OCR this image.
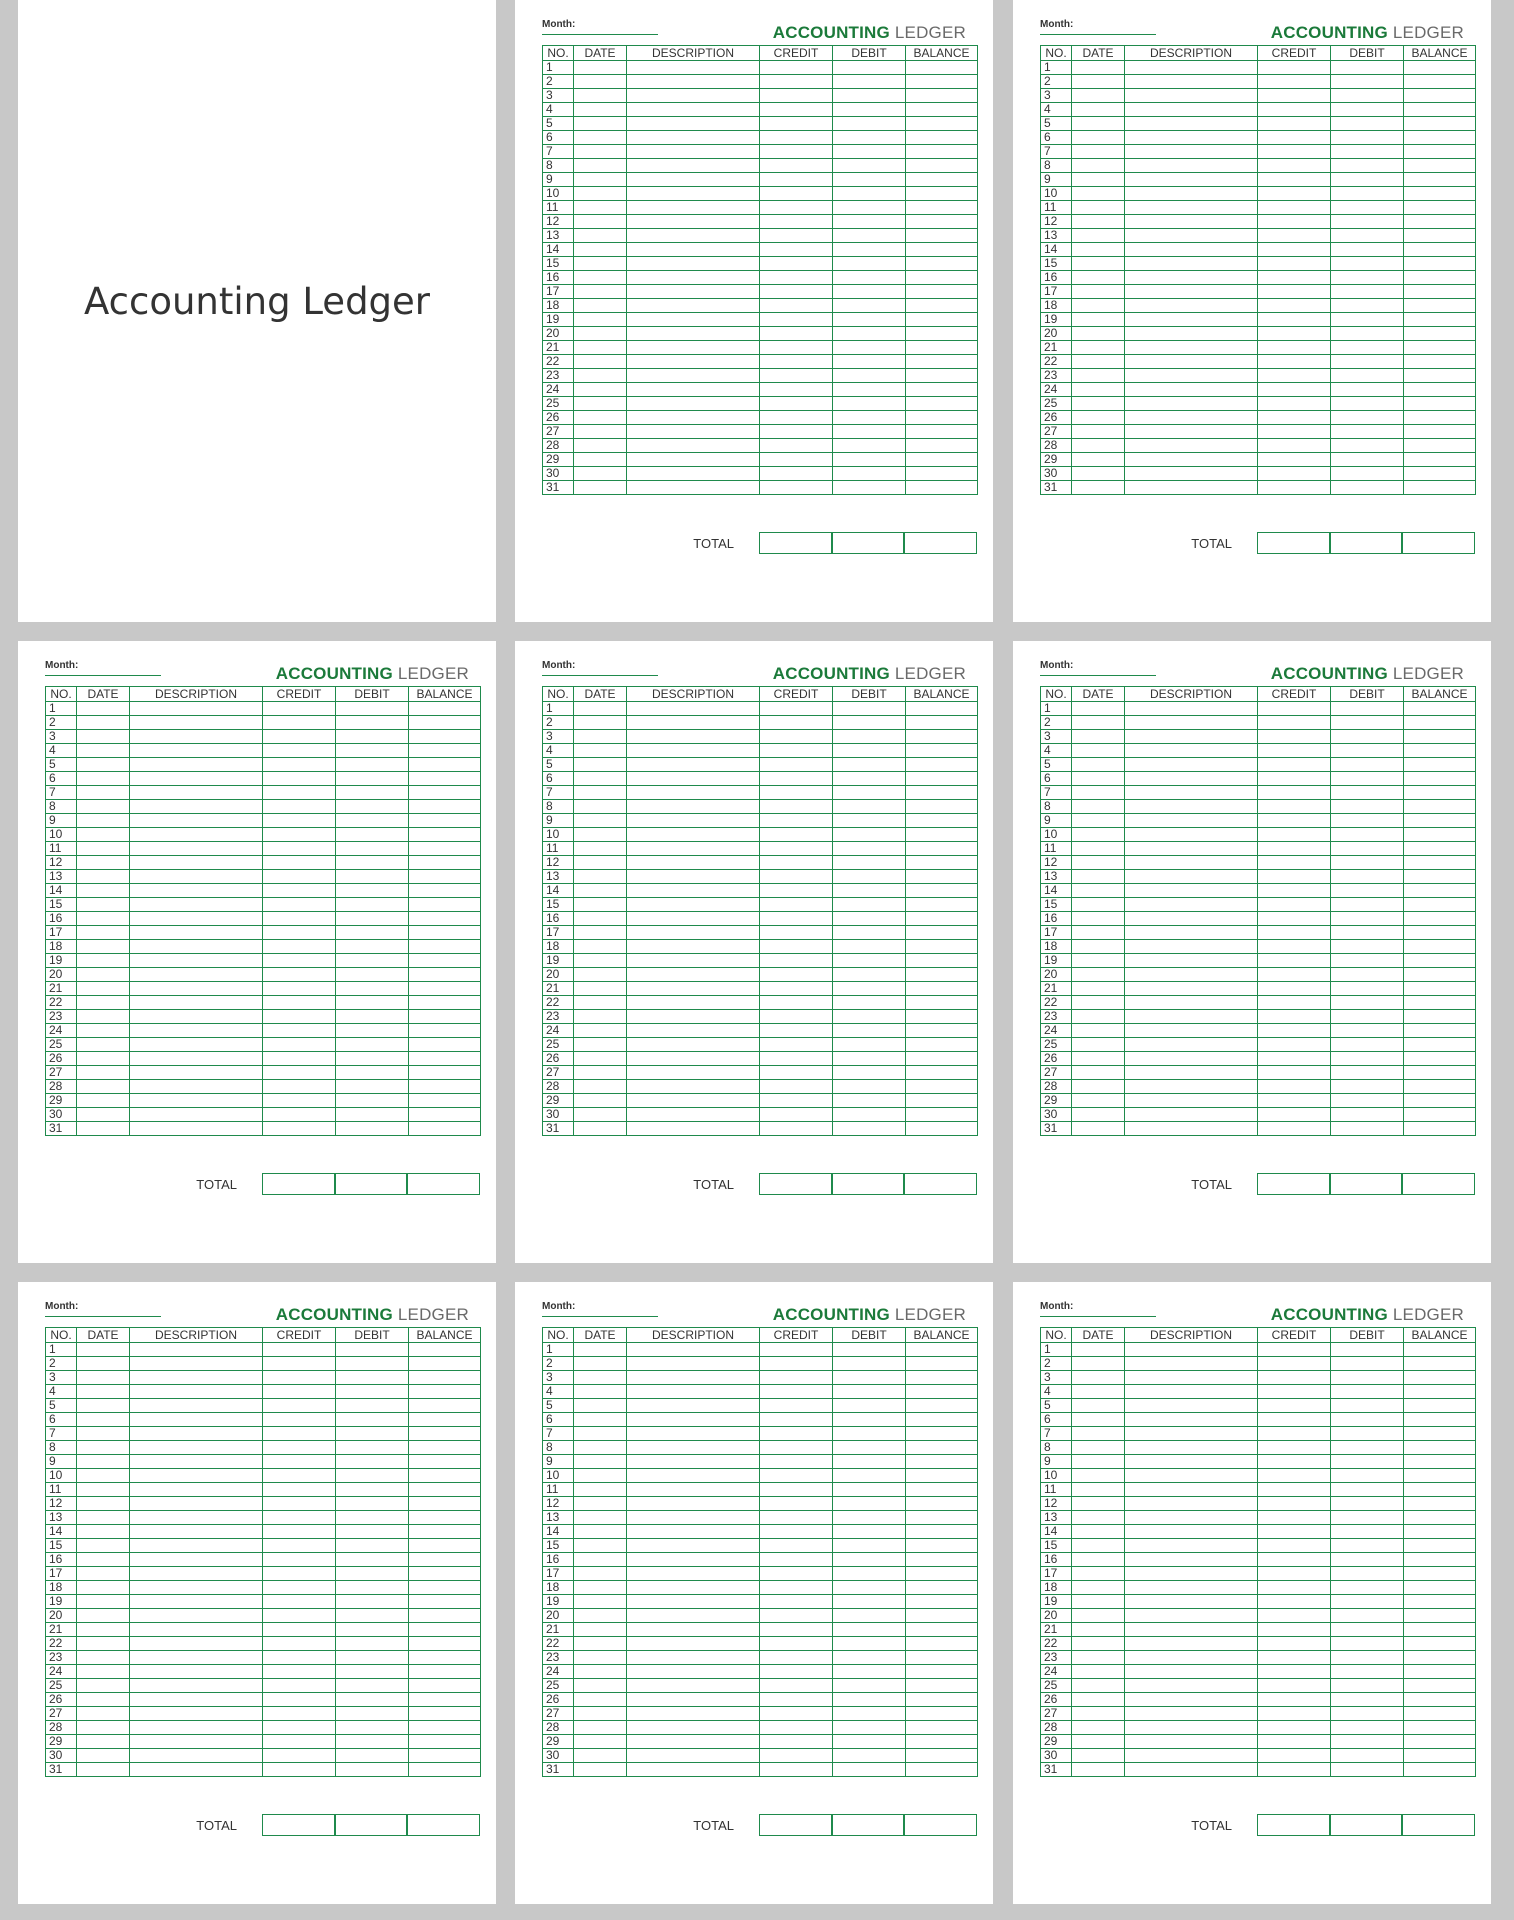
Accounting Ledger
Month:	ACCOUNTING LEDGER
NO.	DATE	DESCRIPTION	CREDIT	DEBIT	BALANCE
1					
2					
3					
4					
5					
6					
7					
8					
9					
10					
11					
12					
13					
14					
15					
16					
17					
18					
19					
20					
21					
22					
23					
24					
25					
26					
27					
28					
29					
30					
31					
TOTAL
Month:	ACCOUNTING LEDGER
NO.	DATE	DESCRIPTION	CREDIT	DEBIT	BALANCE
1					
2					
3					
4					
5					
6					
7					
8					
9					
10					
11					
12					
13					
14					
15					
16					
17					
18					
19					
20					
21					
22					
23					
24					
25					
26					
27					
28					
29					
30					
31					
TOTAL
Month:	ACCOUNTING LEDGER
NO.	DATE	DESCRIPTION	CREDIT	DEBIT	BALANCE
1					
2					
3					
4					
5					
6					
7					
8					
9					
10					
11					
12					
13					
14					
15					
16					
17					
18					
19					
20					
21					
22					
23					
24					
25					
26					
27					
28					
29					
30					
31					
TOTAL
Month:	ACCOUNTING LEDGER
NO.	DATE	DESCRIPTION	CREDIT	DEBIT	BALANCE
1					
2					
3					
4					
5					
6					
7					
8					
9					
10					
11					
12					
13					
14					
15					
16					
17					
18					
19					
20					
21					
22					
23					
24					
25					
26					
27					
28					
29					
30					
31					
TOTAL
Month:	ACCOUNTING LEDGER
NO.	DATE	DESCRIPTION	CREDIT	DEBIT	BALANCE
1					
2					
3					
4					
5					
6					
7					
8					
9					
10					
11					
12					
13					
14					
15					
16					
17					
18					
19					
20					
21					
22					
23					
24					
25					
26					
27					
28					
29					
30					
31					
TOTAL
Month:	ACCOUNTING LEDGER
NO.	DATE	DESCRIPTION	CREDIT	DEBIT	BALANCE
1					
2					
3					
4					
5					
6					
7					
8					
9					
10					
11					
12					
13					
14					
15					
16					
17					
18					
19					
20					
21					
22					
23					
24					
25					
26					
27					
28					
29					
30					
31					
TOTAL
Month:	ACCOUNTING LEDGER
NO.	DATE	DESCRIPTION	CREDIT	DEBIT	BALANCE
1					
2					
3					
4					
5					
6					
7					
8					
9					
10					
11					
12					
13					
14					
15					
16					
17					
18					
19					
20					
21					
22					
23					
24					
25					
26					
27					
28					
29					
30					
31					
TOTAL
Month:	ACCOUNTING LEDGER
NO.	DATE	DESCRIPTION	CREDIT	DEBIT	BALANCE
1					
2					
3					
4					
5					
6					
7					
8					
9					
10					
11					
12					
13					
14					
15					
16					
17					
18					
19					
20					
21					
22					
23					
24					
25					
26					
27					
28					
29					
30					
31					
TOTAL
